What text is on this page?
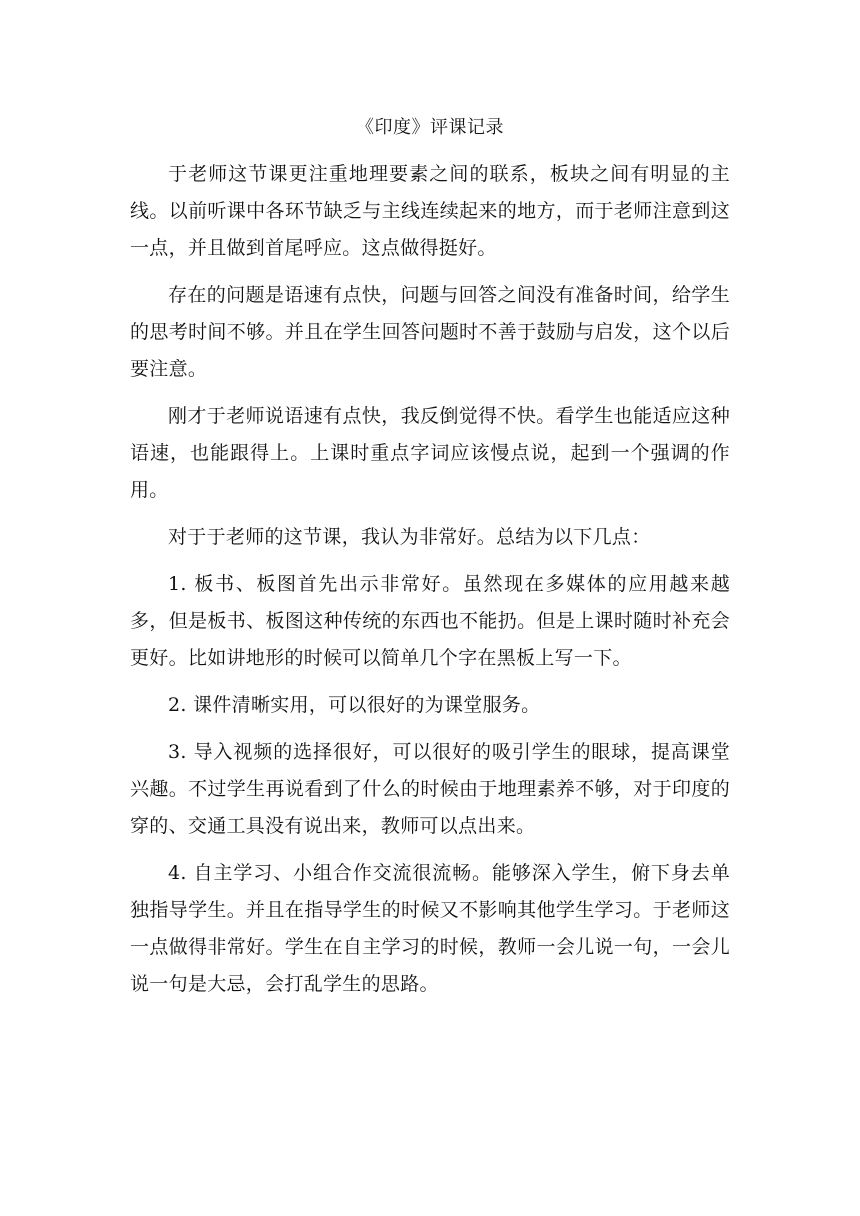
《印度》评课记录

于老师这节课更注重地理要素之间的联系，板块之间有明显的主线。以前听课中各环节缺乏与主线连续起来的地方，而于老师注意到这一点，并且做到首尾呼应。这点做得挺好。

存在的问题是语速有点快，问题与回答之间没有准备时间，给学生的思考时间不够。并且在学生回答问题时不善于鼓励与启发，这个以后要注意。

刚才于老师说语速有点快，我反倒觉得不快。看学生也能适应这种语速，也能跟得上。上课时重点字词应该慢点说，起到一个强调的作用。

对于于老师的这节课，我认为非常好。总结为以下几点：

1. 板书、板图首先出示非常好。虽然现在多媒体的应用越来越多，但是板书、板图这种传统的东西也不能扔。但是上课时随时补充会更好。比如讲地形的时候可以简单几个字在黑板上写一下。

2. 课件清晰实用，可以很好的为课堂服务。

3. 导入视频的选择很好，可以很好的吸引学生的眼球，提高课堂兴趣。不过学生再说看到了什么的时候由于地理素养不够，对于印度的穿的、交通工具没有说出来，教师可以点出来。

4. 自主学习、小组合作交流很流畅。能够深入学生，俯下身去单独指导学生。并且在指导学生的时候又不影响其他学生学习。于老师这一点做得非常好。学生在自主学习的时候，教师一会儿说一句，一会儿说一句是大忌，会打乱学生的思路。
